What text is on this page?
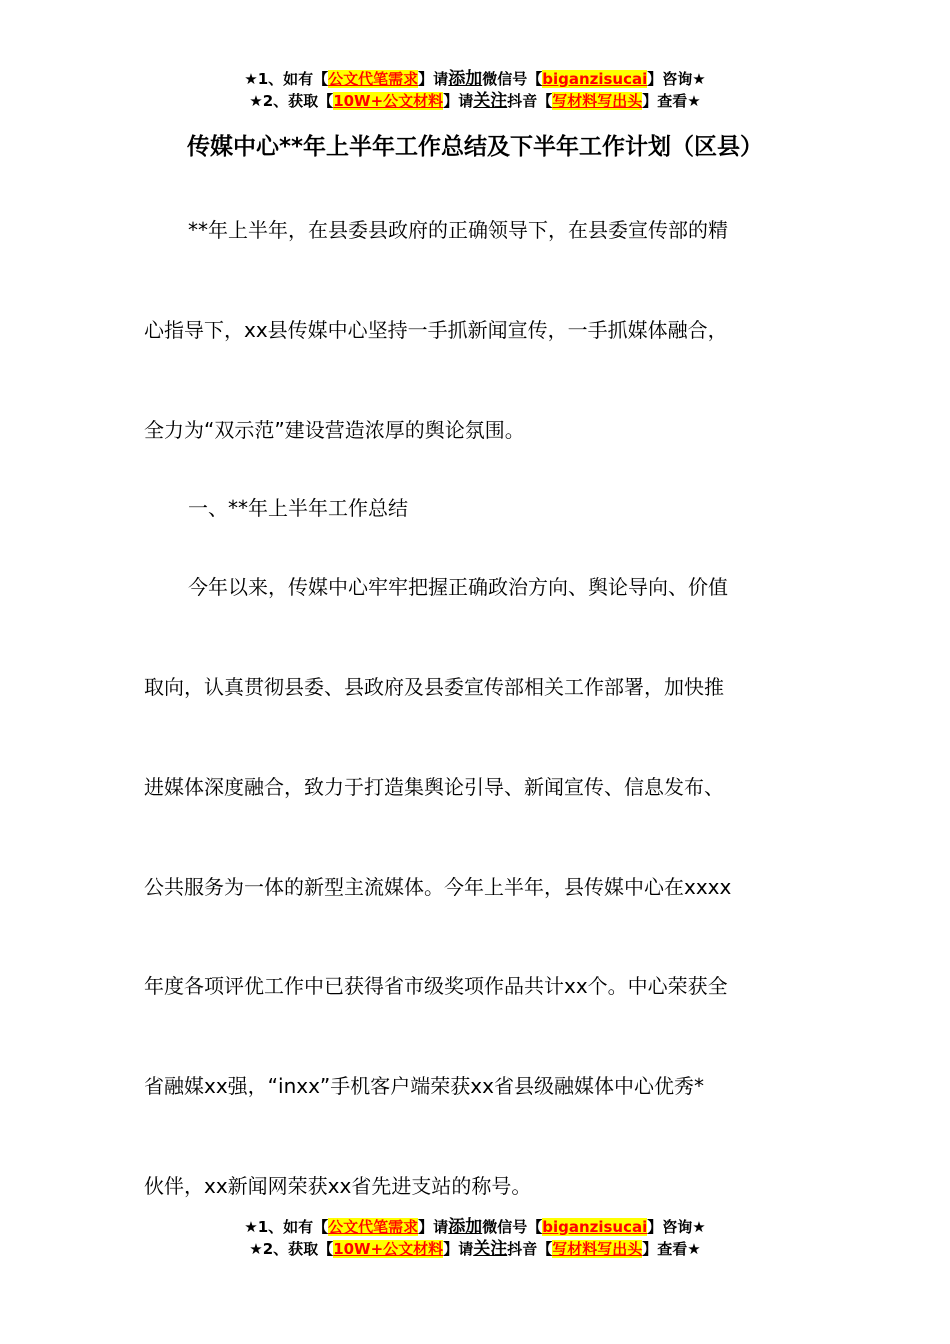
★1、如有【公文代笔需求】请添加微信号【biganzisucai】咨询★
★2、获取【10W+公文材料】请关注抖音【写材料写出头】查看★
传媒中心**年上半年工作总结及下半年工作计划（区县）
**年上半年，在县委县政府的正确领导下，在县委宣传部的精
心指导下，xx县传媒中心坚持一手抓新闻宣传，一手抓媒体融合，
全力为“双示范”建设营造浓厚的舆论氛围。
一、**年上半年工作总结
今年以来，传媒中心牢牢把握正确政治方向、舆论导向、价值
取向，认真贯彻县委、县政府及县委宣传部相关工作部署，加快推
进媒体深度融合，致力于打造集舆论引导、新闻宣传、信息发布、
公共服务为一体的新型主流媒体。今年上半年，县传媒中心在xxxx
年度各项评优工作中已获得省市级奖项作品共计xx个。中心荣获全
省融媒xx强，“inxx”手机客户端荣获xx省县级融媒体中心优秀*
伙伴，xx新闻网荣获xx省先进支站的称号。
★1、如有【公文代笔需求】请添加微信号【biganzisucai】咨询★
★2、获取【10W+公文材料】请关注抖音【写材料写出头】查看★
